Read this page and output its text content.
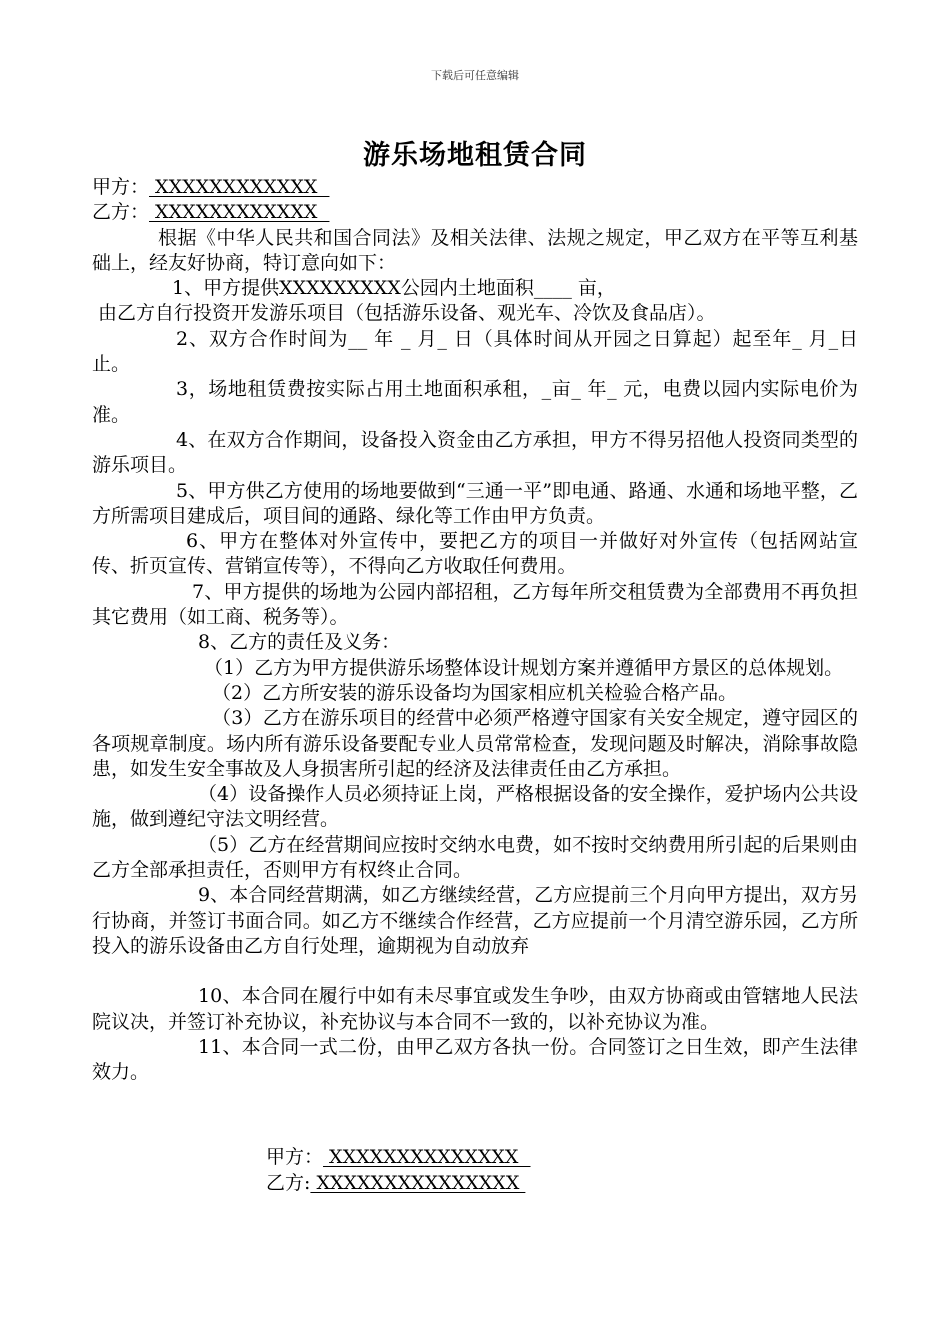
下载后可任意编辑
游乐场地租赁合同
甲方： XXXXXXXXXXXX
乙方： XXXXXXXXXXXX
根据《中华人民共和国合同法》及相关法律、法规之规定，甲乙双方在平等互利基础上，经友好协商，特订意向如下：
1、甲方提供XXXXXXXXX公园内土地面积____ 亩，
由乙方自行投资开发游乐项目（包括游乐设备、观光车、冷饮及食品店）。
2、双方合作时间为__ 年 _ 月_ 日（具体时间从开园之日算起）起至年_ 月_日止。
3，场地租赁费按实际占用土地面积承租，_亩_ 年_ 元，电费以园内实际电价为准。
4、在双方合作期间，设备投入资金由乙方承担，甲方不得另招他人投资同类型的游乐项目。
5、甲方供乙方使用的场地要做到“三通一平”即电通、路通、水通和场地平整，乙方所需项目建成后，项目间的通路、绿化等工作由甲方负责。
6、甲方在整体对外宣传中，要把乙方的项目一并做好对外宣传（包括网站宣传、折页宣传、营销宣传等），不得向乙方收取任何费用。
7、甲方提供的场地为公园内部招租，乙方每年所交租赁费为全部费用不再负担其它费用（如工商、税务等）。
8、乙方的责任及义务：
（1）乙方为甲方提供游乐场整体设计规划方案并遵循甲方景区的总体规划。
（2）乙方所安装的游乐设备均为国家相应机关检验合格产品。
（3）乙方在游乐项目的经营中必须严格遵守国家有关安全规定，遵守园区的各项规章制度。场内所有游乐设备要配专业人员常常检查，发现问题及时解决，消除事故隐患，如发生安全事故及人身损害所引起的经济及法律责任由乙方承担。
（4）设备操作人员必须持证上岗，严格根据设备的安全操作，爱护场内公共设施，做到遵纪守法文明经营。
（5）乙方在经营期间应按时交纳水电费，如不按时交纳费用所引起的后果则由乙方全部承担责任，否则甲方有权终止合同。
9、本合同经营期满，如乙方继续经营，乙方应提前三个月向甲方提出，双方另行协商，并签订书面合同。如乙方不继续合作经营，乙方应提前一个月清空游乐园，乙方所投入的游乐设备由乙方自行处理，逾期视为自动放弃
10、本合同在履行中如有未尽事宜或发生争吵，由双方协商或由管辖地人民法院议决，并签订补充协议，补充协议与本合同不一致的，以补充协议为准。
11、本合同一式二份，由甲乙双方各执一份。合同签订之日生效，即产生法律效力。
甲方： XXXXXXXXXXXXXX
乙方: XXXXXXXXXXXXXXX
